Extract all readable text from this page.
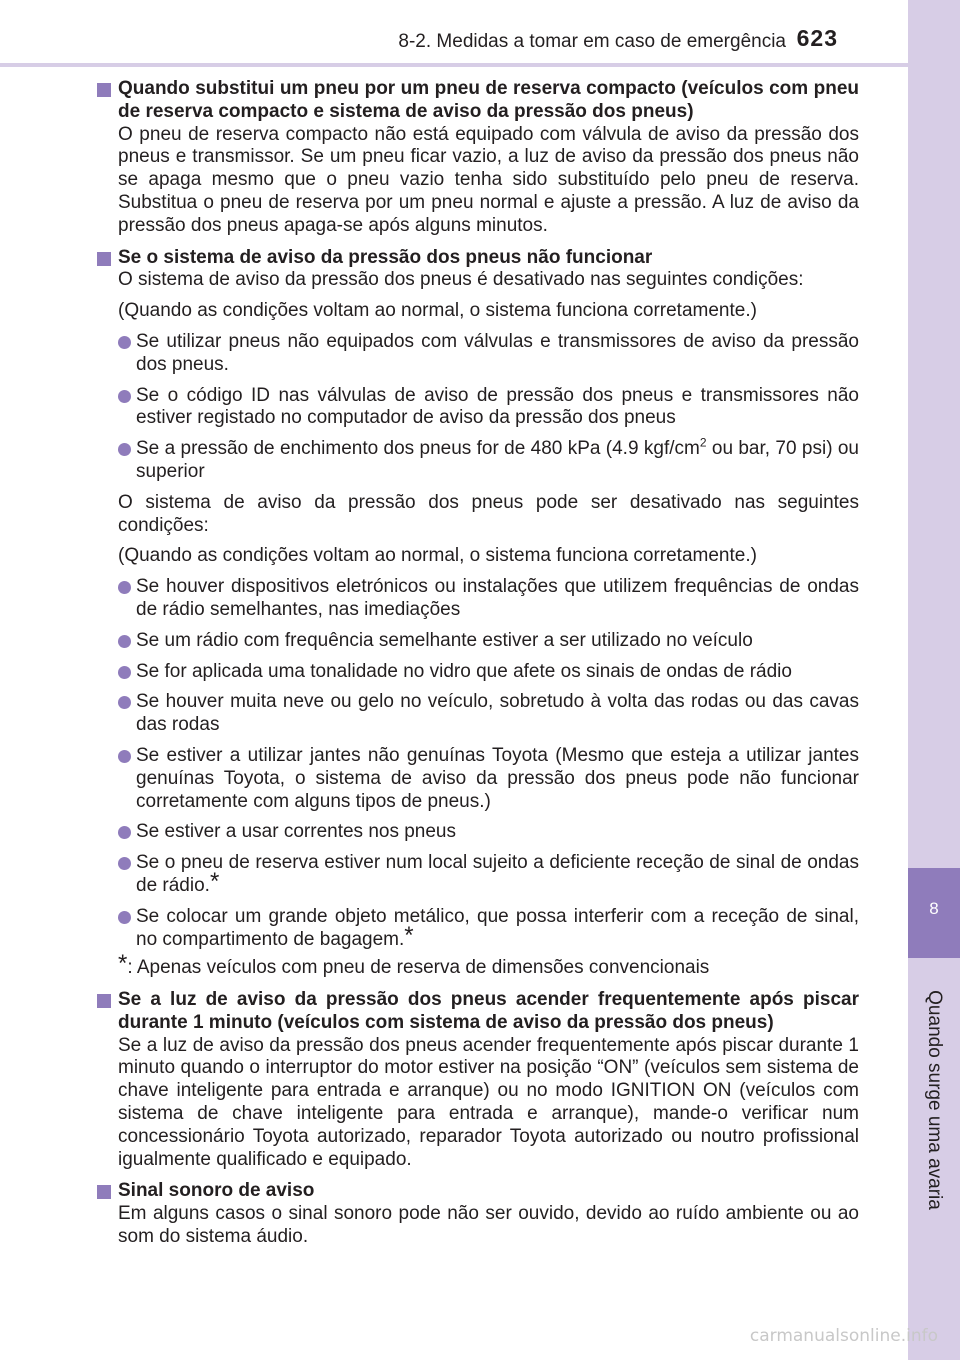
8-2. Medidas a tomar em caso de emergência 623
8
Quando surge uma avaria
Quando substitui um pneu por um pneu de reserva compacto (veículos com pneu de reserva compacto e sistema de aviso da pressão dos pneus)
O pneu de reserva compacto não está equipado com válvula de aviso da pressão dos pneus e transmissor. Se um pneu ficar vazio, a luz de aviso da pressão dos pneus não se apaga mesmo que o pneu vazio tenha sido substituído pelo pneu de reserva. Substitua o pneu de reserva por um pneu normal e ajuste a pressão. A luz de aviso da pressão dos pneus apaga-se após alguns minutos.
Se o sistema de aviso da pressão dos pneus não funcionar
O sistema de aviso da pressão dos pneus é desativado nas seguintes condições:
(Quando as condições voltam ao normal, o sistema funciona corretamente.)
Se utilizar pneus não equipados com válvulas e transmissores de aviso da pressão dos pneus.
Se o código ID nas válvulas de aviso de pressão dos pneus e transmissores não estiver registado no computador de aviso da pressão dos pneus
Se a pressão de enchimento dos pneus for de 480 kPa (4.9 kgf/$cm^2$ ou bar, 70 psi) ou superior
O sistema de aviso da pressão dos pneus pode ser desativado nas seguintes condições:
(Quando as condições voltam ao normal, o sistema funciona corretamente.)
Se houver dispositivos eletrónicos ou instalações que utilizem frequências de ondas de rádio semelhantes, nas imediações
Se um rádio com frequência semelhante estiver a ser utilizado no veículo
Se for aplicada uma tonalidade no vidro que afete os sinais de ondas de rádio
Se houver muita neve ou gelo no veículo, sobretudo à volta das rodas ou das cavas das rodas
Se estiver a utilizar jantes não genuínas Toyota (Mesmo que esteja a utilizar jantes genuínas Toyota, o sistema de aviso da pressão dos pneus pode não funcionar corretamente com alguns tipos de pneus.)
Se estiver a usar correntes nos pneus
Se o pneu de reserva estiver num local sujeito a deficiente receção de sinal de ondas de rádio.*
Se colocar um grande objeto metálico, que possa interferir com a receção de sinal, no compartimento de bagagem.*
*: Apenas veículos com pneu de reserva de dimensões convencionais
Se a luz de aviso da pressão dos pneus acender frequentemente após piscar durante 1 minuto (veículos com sistema de aviso da pressão dos pneus)
Se a luz de aviso da pressão dos pneus acender frequentemente após piscar durante 1 minuto quando o interruptor do motor estiver na posição “ON” (veículos sem sistema de chave inteligente para entrada e arranque) ou no modo IGNITION ON (veículos com sistema de chave inteligente para entrada e arranque), mande-o verificar num concessionário Toyota autorizado, reparador Toyota autorizado ou noutro profissional igualmente qualificado e equipado.
Sinal sonoro de aviso
Em alguns casos o sinal sonoro pode não ser ouvido, devido ao ruído ambiente ou ao som do sistema áudio.
carmanualsonline.info
